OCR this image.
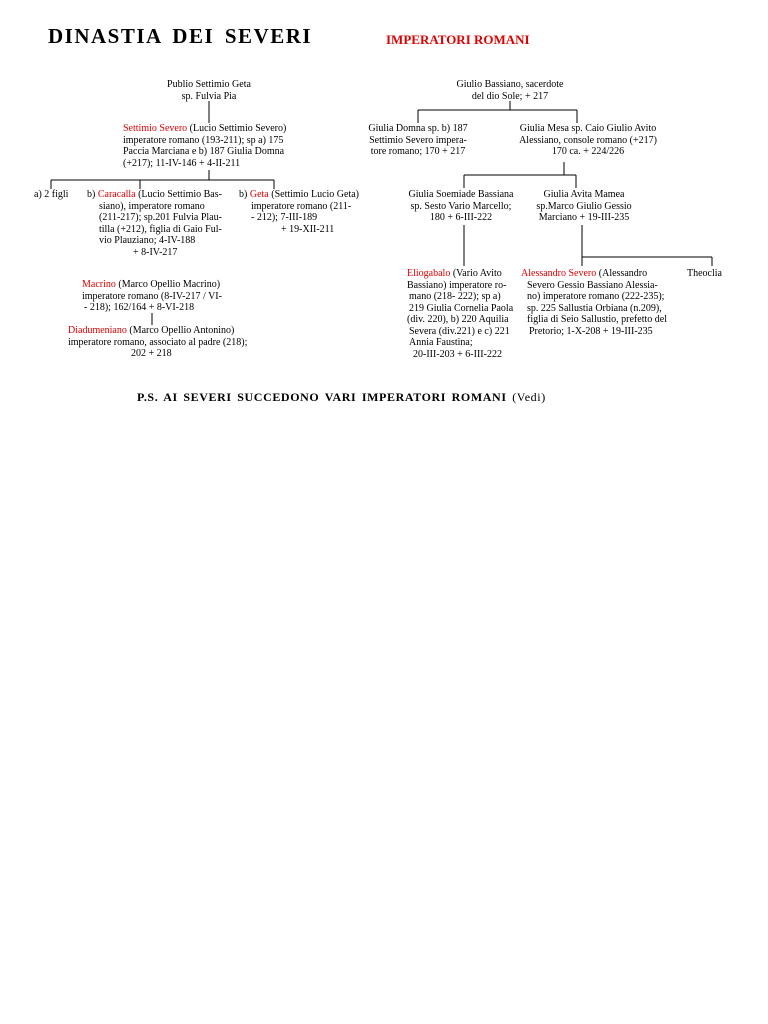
DINASTIA DEI SEVERI	IMPERATORI ROMANI
Publio Settimio Geta
sp. Fulvia Pia
Giulio Bassiano, sacerdote
del dio Sole; + 217
Settimio Severo (Lucio Settimio Severo)
imperatore romano (193-211); sp a) 175
Paccia Marciana e b) 187 Giulia Domna
(+217); 11-IV-146 + 4-II-211
Giulia Domna sp. b) 187
Settimio Severo impera-
tore romano; 170 + 217
Giulia Mesa sp. Caio Giulio Avito
Alessiano, console romano (+217)
170 ca. + 224/226
a) 2 figli b) Caracalla (Lucio Settimio Bas-
siano), imperatore romano
(211-217); sp.201 Fulvia Plau-
tilla (+212), figlia di Gaio Ful-
vio Plauziano; 4-IV-188
+ 8-IV-217
b) Geta (Settimio Lucio Geta)
imperatore romano (211-
- 212); 7-III-189
+ 19-XII-211
Giulia Soemiade Bassiana
sp. Sesto Vario Marcello;
180 + 6-III-222
Giulia Avita Mamea
sp.Marco Giulio Gessio
Marciano + 19-III-235
Macrino (Marco Opellio Macrino)
imperatore romano (8-IV-217 / VI-
- 218); 162/164 + 8-VI-218
Diadumeniano (Marco Opellio Antonino)
imperatore romano, associato al padre (218);
202 + 218
Eliogabalo (Vario Avito
Bassiano) imperatore ro-
mano (218- 222); sp a)
219 Giulia Cornelia Paola
(div. 220), b) 220 Aquilia
Severa (div.221) e c) 221
Annia Faustina;
20-III-203 + 6-III-222
Alessandro Severo (Alessandro
Severo Gessio Bassiano Alessia-
no) imperatore romano (222-235);
sp. 225 Sallustia Orbiana (n.209),
figlia di Seio Sallustio, prefetto del
Pretorio; 1-X-208 + 19-III-235
Theoclia
P.S. AI SEVERI SUCCEDONO VARI IMPERATORI ROMANI (Vedi)
